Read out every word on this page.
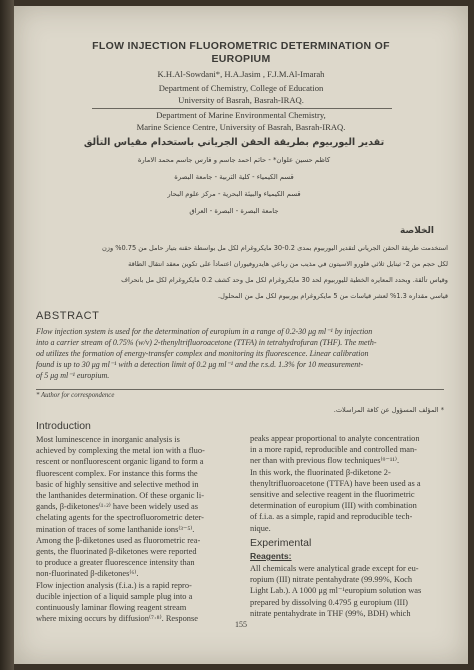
FLOW INJECTION FLUOROMETRIC DETERMINATION OF
EUROPIUM
K.H.Al-Sowdani*, H.A.Jasim , F.J.M.Al-Imarah
Department of Chemistry, College of Education
University of Basrah, Basrah-IRAQ.
Department of Marine Environmental Chemistry,
Marine Science Centre, University of Basrah, Basrah-IRAQ.
تقدير اليوربيوم بطريقة الحقن الجرياني باستخدام مقياس التألق
كاظم حسين علوان* - حاتم احمد جاسم و فارس جاسم محمد الامارة
قسم الكيمياء - كلية التربية - جامعة البصرة
قسم الكيمياء والبيئة البحرية - مركز علوم البحار
جامعة البصرة - البصرة - العراق
الخلاصة
استخدمت طريقة الحقن الجرياني لتقدير اليوربيوم بمدى 0.2-30 مايكروغرام لكل مل بواسطة حقنه بتيار حامل من 0.75% وزن
لكل حجم من 2- ثينايل ثلاثي فلورو الاسيتون في مذيب من رباعي هايدروفيوران اعتماداً على تكوين معقد انتقال الطاقة
وقياس تألقة. وبحدد المعايره الخطية لليوربيوم لحد 30 مايكروغرام لكل مل وحد كشف 0.2 مايكروغرام لكل مل بانحراف
قياسي مقداره 1.3% لعشر قياسات من 5 مايكروغرام يوربيوم لكل مل من المحلول.
ABSTRACT
Flow injection system is used for the determination of europium in a range of 0.2-30 μg ml⁻¹ by injection
into a carrier stream of 0.75% (w/v) 2-thenyltrifluoroacetone (TTFA) in tetrahydrofuran (THF). The meth-
od utilizes the formation of energy-transfer complex and monitoring its fluorescence. Linear calibration
found is up to 30 μg ml⁻¹ with a detection limit of 0.2 μg ml⁻¹ and the r.s.d. 1.3% for 10 measurement-
of 5 μg ml⁻¹ europium.
* Author for correspondence
* المؤلف المسؤول عن كافة المراسلات.
Introduction

Most luminescence in inorganic analysis is

achieved by complexing the metal ion with a fluo-

rescent or nonfluorescent organic ligand to form a

fluorescent complex. For instance this forms the

basic of highly sensitive and selective method in

the lanthanides determination. Of these organic li-

gands, β-diketones⁽¹·²⁾ have been widely used as

chelating agents for the spectrofluorometric deter-

mination of traces of some lanthanide ions⁽³⁻⁵⁾.

Among the β-diketones used as fluorometric rea-

gents, the fluorinated β-diketones were reported

to produce a greater fluorescence intensity than

non-fluorinated β-diketones⁽⁶⁾.

Flow injection analysis (f.i.a.) is a rapid repro-

ducible injection of a liquid sample plug into a

continuously laminar flowing reagent stream

where mixing occurs by diffusion⁽⁷·⁸⁾. Response

peaks appear proportional to analyte concentration

in a more rapid, reproducible and controlled man-

ner than with previous flow techniques⁽⁹⁻¹¹⁾.

In this work, the fluorinated β-diketone 2-

thenyltrifluoroacetone (TTFA) have been used as a

sensitive and selective reagent in the fluorimetric

determination of europium (III) with combination

of f.i.a. as a simple, rapid and reproducible tech-

nique.

Experimental
Reagents:

All chemicals were analytical grade except for eu-

ropium (III) nitrate pentahydrate (99.99%, Koch

Light Lab.). A 1000 μg ml⁻¹europium solution was

prepared by dissolving 0.4795 g europium (III)

nitrate pentahydrate in THF (99%, BDH) which

155
